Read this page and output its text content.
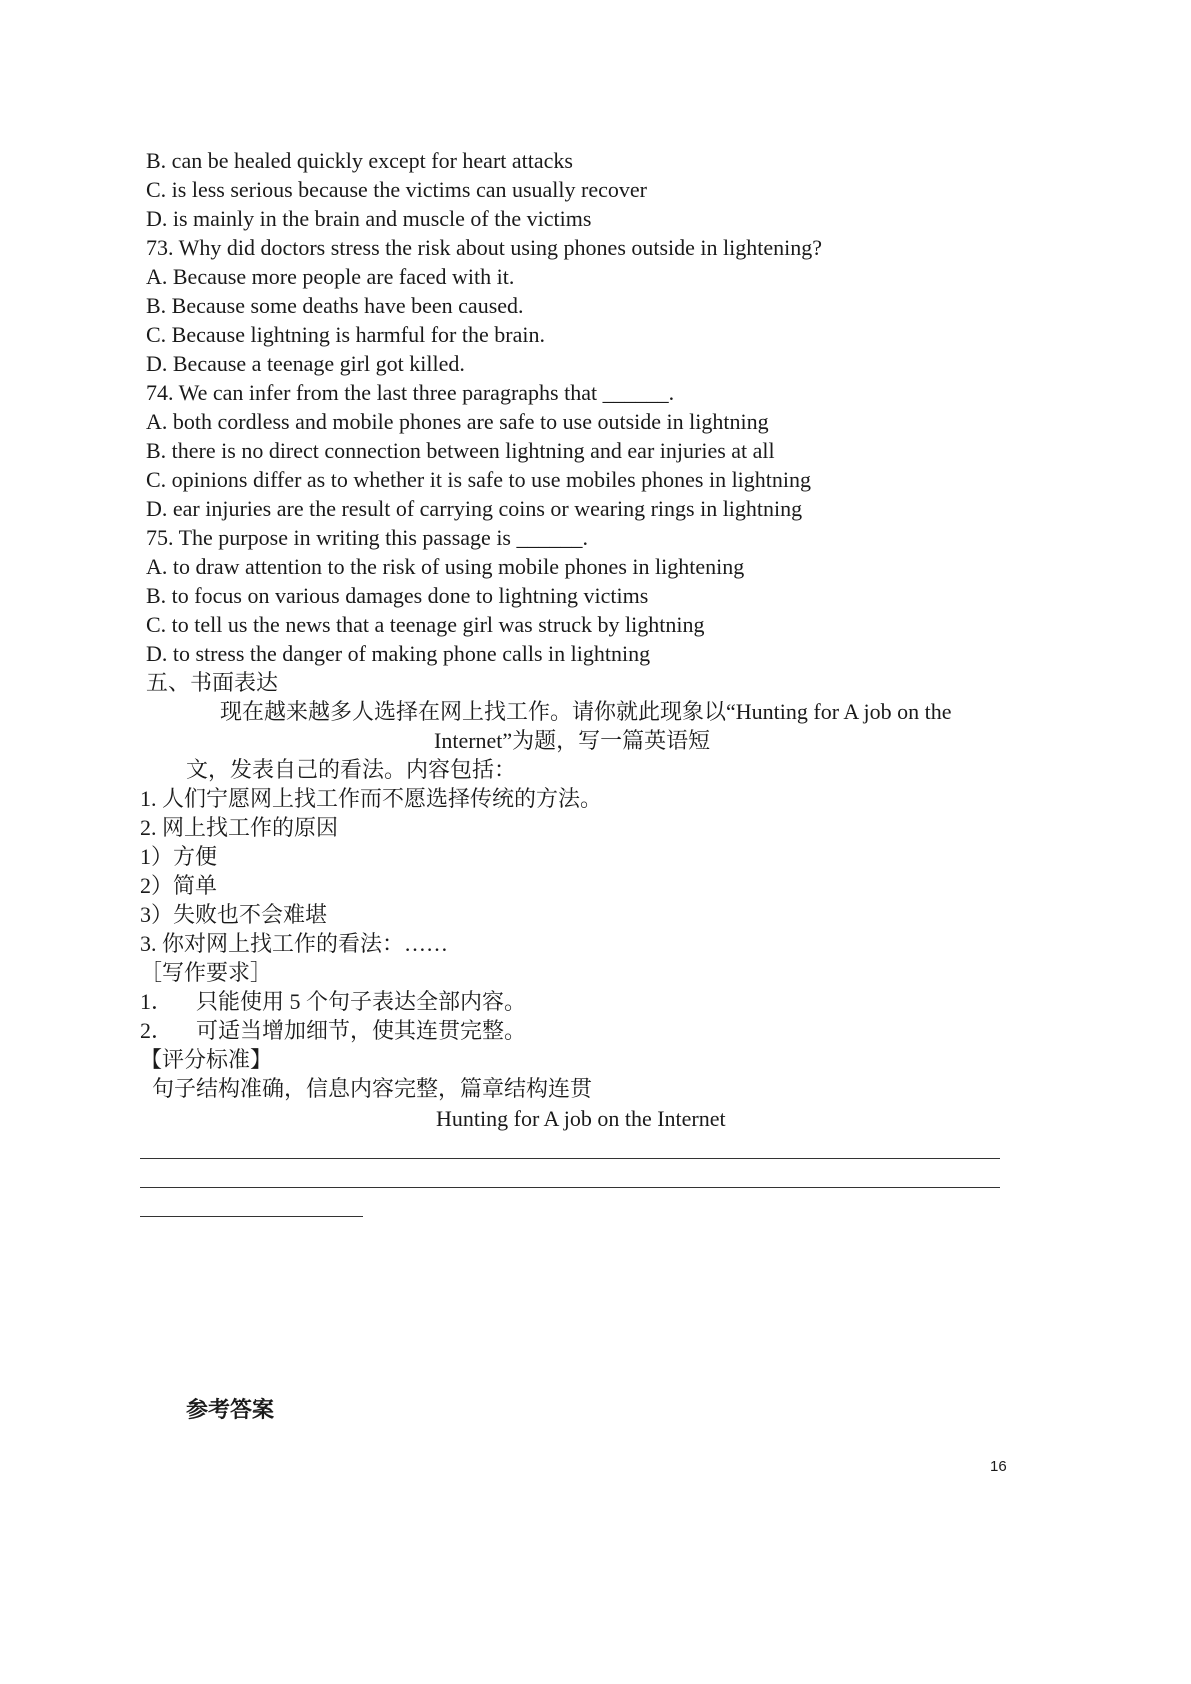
B. can be healed quickly except for heart attacks
C. is less serious because the victims can usually recover
D. is mainly in the brain and muscle of the victims
73. Why did doctors stress the risk about using phones outside in lightening?
A. Because more people are faced with it.
B. Because some deaths have been caused.
C. Because lightning is harmful for the brain.
D. Because a teenage girl got killed.
74. We can infer from the last three paragraphs that ______.
A. both cordless and mobile phones are safe to use outside in lightning
B. there is no direct connection between lightning and ear injuries at all
C. opinions differ as to whether it is safe to use mobiles phones in lightning
D. ear injuries are the result of carrying coins or wearing rings in lightning
75. The purpose in writing this passage is ______.
A. to draw attention to the risk of using mobile phones in lightening
B. to focus on various damages done to lightning victims
C. to tell us the news that a teenage girl was struck by lightning
D. to stress the danger of making phone calls in lightning
五、书面表达
现在越来越多人选择在网上找工作。请你就此现象以“Hunting for A job on the
Internet”为题，写一篇英语短
文，发表自己的看法。内容包括：
1. 人们宁愿网上找工作而不愿选择传统的方法。
2. 网上找工作的原因
1）方便
2）简单
3）失败也不会难堪
3. 你对网上找工作的看法：……
［写作要求］
1． 只能使用 5 个句子表达全部内容。
2． 可适当增加细节，使其连贯完整。
【评分标准】
句子结构准确，信息内容完整，篇章结构连贯
Hunting for A job on the Internet
参考答案
16
